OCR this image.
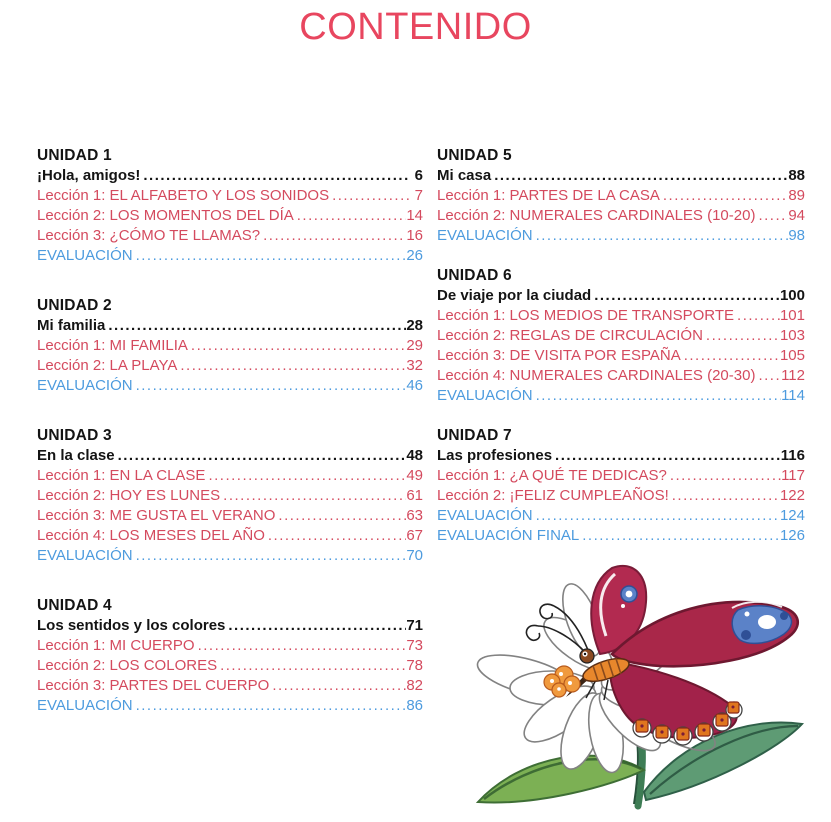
CONTENIDO
UNIDAD 1
¡Hola, amigos! .....	6
Lección 1: EL ALFABETO Y LOS SONIDOS .....	7
Lección 2: LOS MOMENTOS DEL DÍA .....	14
Lección 3: ¿CÓMO TE LLAMAS? .....	16
EVALUACIÓN .....	26
UNIDAD 2
Mi familia .....	28
Lección 1: MI FAMILIA .....	29
Lección 2: LA PLAYA .....	32
EVALUACIÓN .....	46
UNIDAD 3
En la clase .....	48
Lección 1: EN LA CLASE .....	49
Lección 2: HOY ES LUNES .....	61
Lección 3: ME GUSTA EL VERANO .....	63
Lección 4: LOS MESES DEL AÑO .....	67
EVALUACIÓN .....	70
UNIDAD 4
Los sentidos y los colores .....	71
Lección 1: MI CUERPO .....	73
Lección 2: LOS COLORES .....	78
Lección 3: PARTES DEL CUERPO .....	82
EVALUACIÓN .....	86
UNIDAD 5
Mi casa .....	88
Lección 1: PARTES DE LA CASA .....	89
Lección 2: NUMERALES CARDINALES (10-20) ..... 94
EVALUACIÓN .....	98
UNIDAD 6
De viaje por la ciudad .....	100
Lección 1: LOS MEDIOS DE TRANSPORTE .....	101
Lección 2: REGLAS DE CIRCULACIÓN .....	103
Lección 3: DE VISITA POR ESPAÑA .....	105
Lección 4: NUMERALES CARDINALES (20-30) ..... 112
EVALUACIÓN .....	114
UNIDAD 7
Las profesiones .....	116
Lección 1: ¿A QUÉ TE DEDICAS? .....	117
Lección 2: ¡FELIZ CUMPLEAÑOS! .....	122
EVALUACIÓN .....	124
EVALUACIÓN FINAL .....	126
